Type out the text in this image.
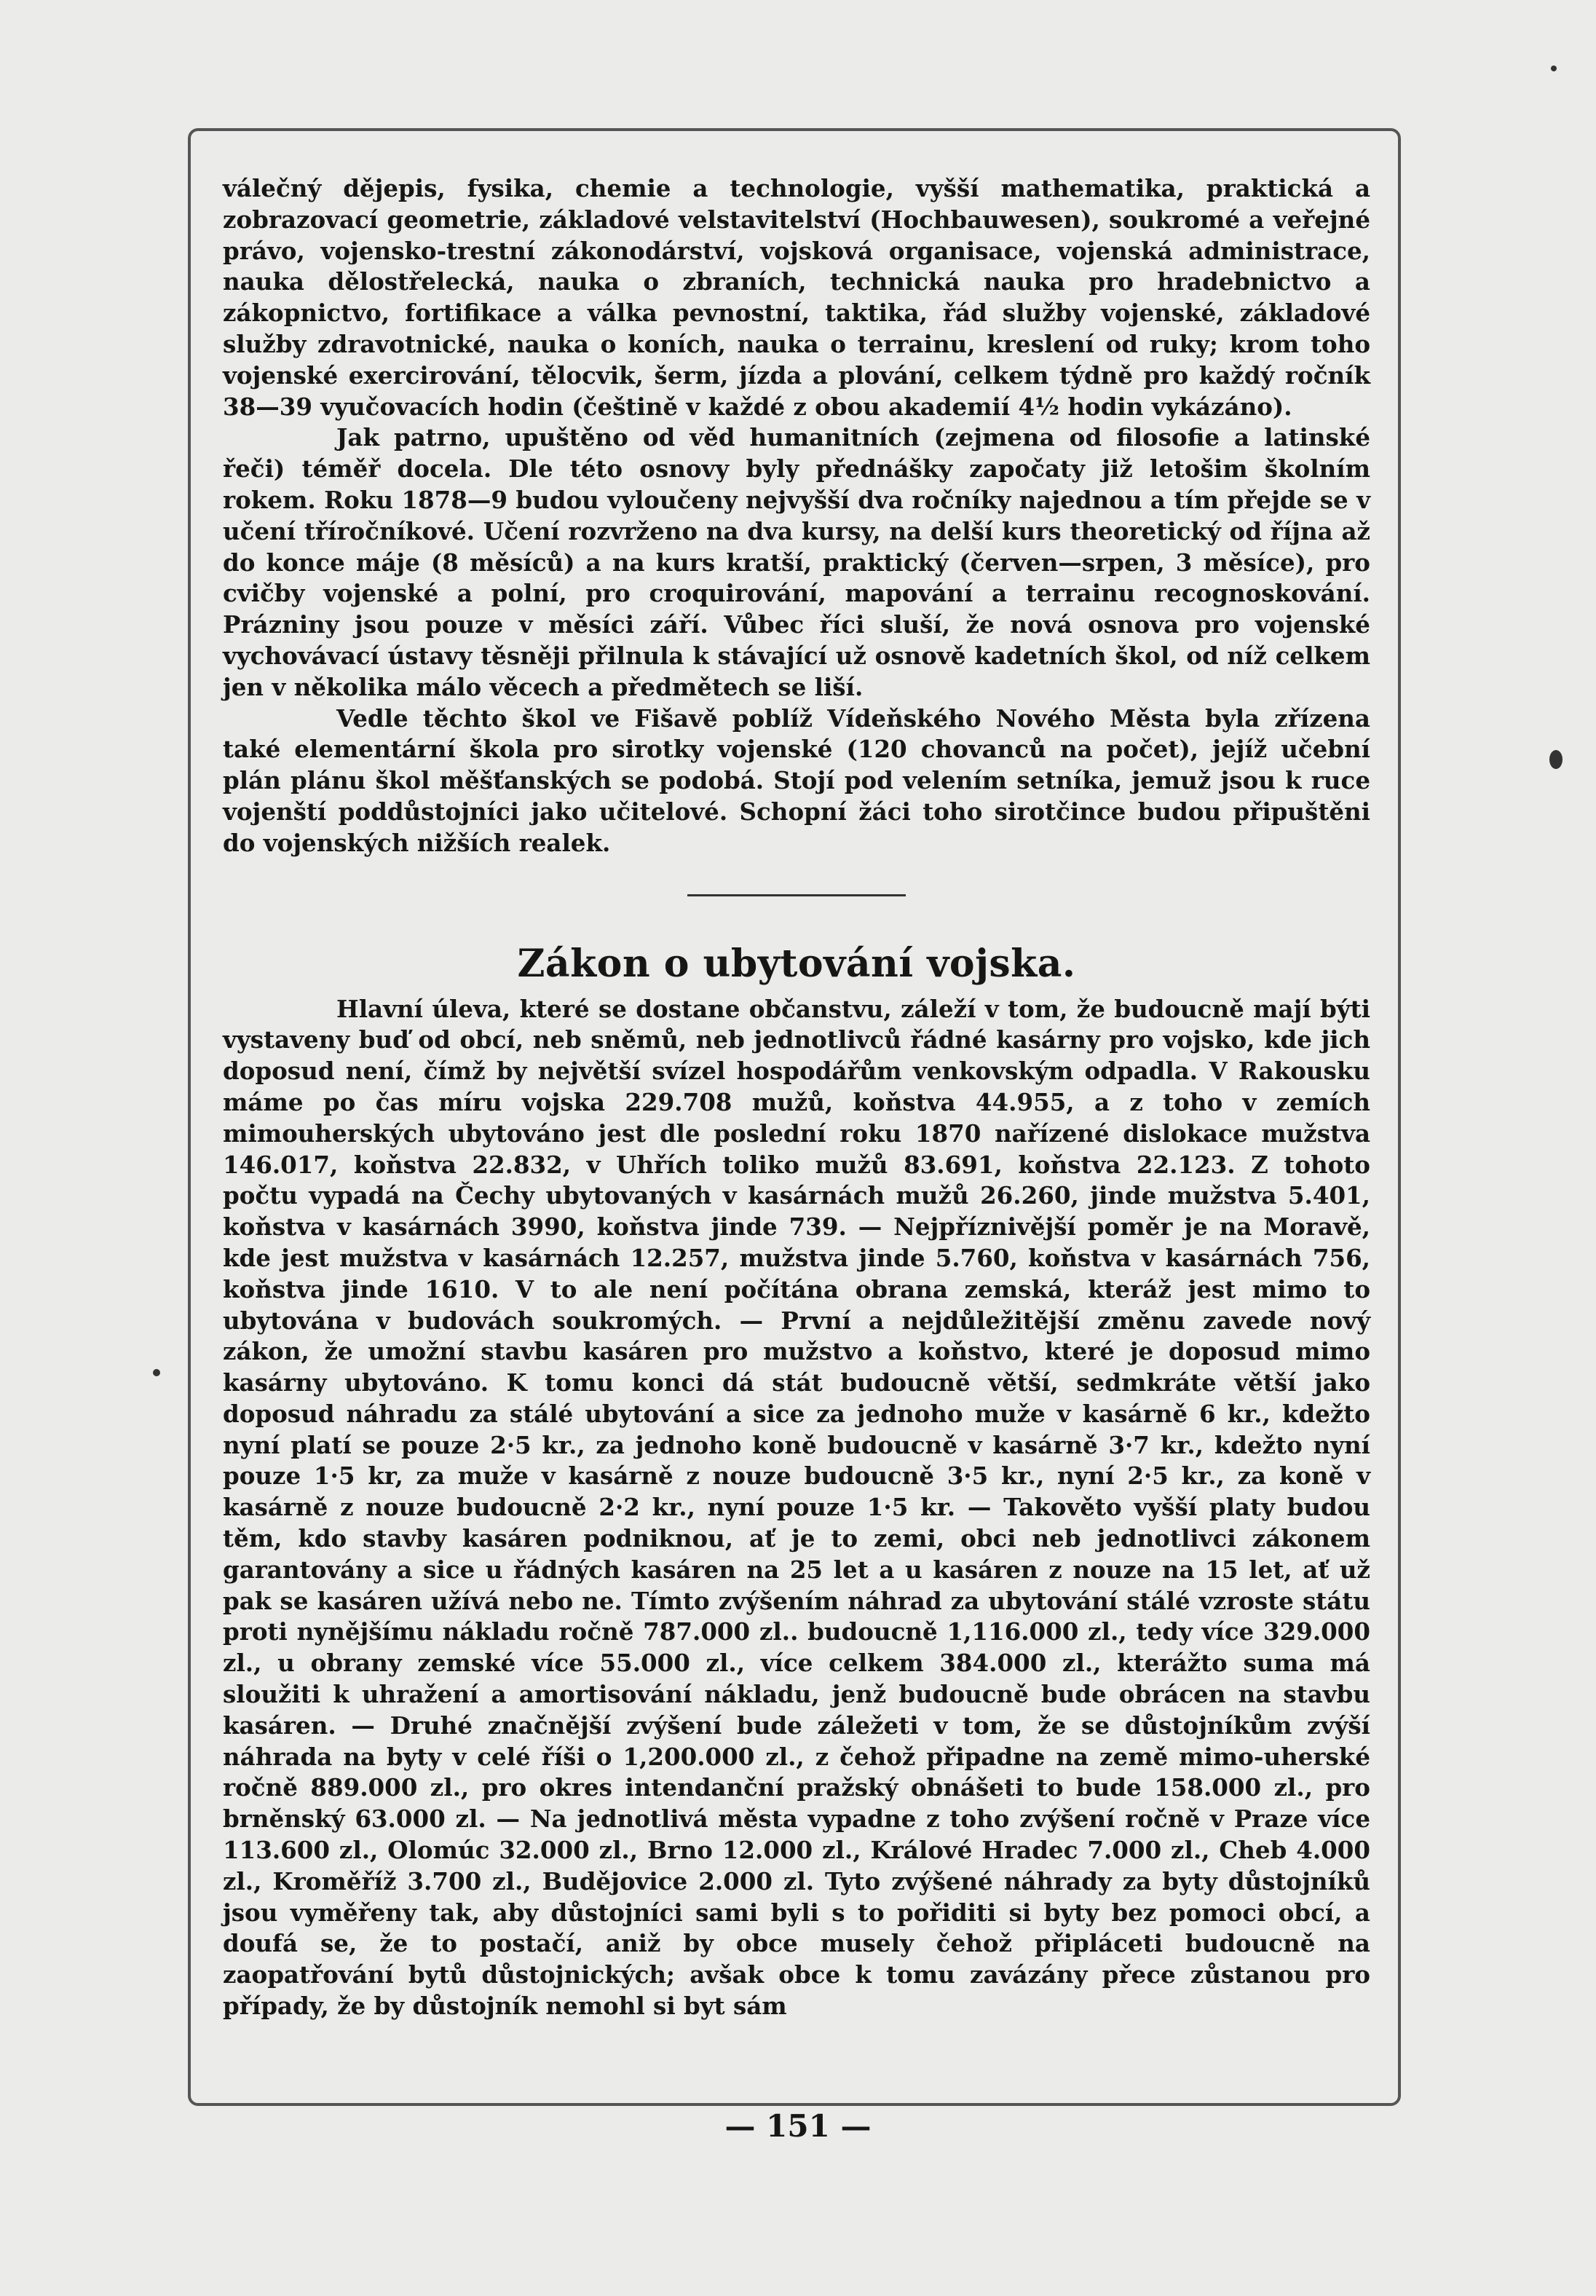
válečný dějepis, fysika, chemie a technologie, vyšší mathematika, praktická a zobrazovací geometrie, základové velstavitelství (Hochbauwesen), soukromé a veřejné právo, vojensko-trestní zákonodárství, vojsková organisace, vojenská administrace, nauka dělostřelecká, nauka o zbraních, technická nauka pro hradebnictvo a zákopnictvo, fortifikace a válka pevnostní, taktika, řád služby vojenské, základové služby zdravotnické, nauka o koních, nauka o terrainu, kreslení od ruky; krom toho vojenské exercirování, tělocvik, šerm, jízda a plování, celkem týdně pro každý ročník 38—39 vyučovacích hodin (češtině v každé z obou akademií 4½ hodin vykázáno).

Jak patrno, upuštěno od věd humanitních (zejmena od filosofie a latinské řeči) téměř docela. Dle této osnovy byly přednášky započaty již letošim školním rokem. Roku 1878—9 budou vyloučeny nejvyšší dva ročníky najednou a tím přejde se v učení tříročníkové. Učení rozvrženo na dva kursy, na delší kurs theoretický od října až do konce máje (8 měsíců) a na kurs kratší, praktický (červen—srpen, 3 měsíce), pro cvičby vojenské a polní, pro croquirování, mapování a terrainu recognoskování. Prázniny jsou pouze v měsíci září. Vůbec říci sluší, že nová osnova pro vojenské vychovávací ústavy těsněji přilnula k stávající už osnově kadetních škol, od níž celkem jen v několika málo věcech a předmětech se liší.

Vedle těchto škol ve Fišavě poblíž Vídeňského Nového Města byla zřízena také elementární škola pro sirotky vojenské (120 chovanců na počet), jejíž učební plán plánu škol měšťanských se podobá. Stojí pod velením setníka, jemuž jsou k ruce vojenští poddůstojníci jako učitelové. Schopní žáci toho sirotčince budou připuštěni do vojenských nižších realek.

Zákon o ubytování vojska.

Hlavní úleva, které se dostane občanstvu, záleží v tom, že budoucně mají býti vystaveny buď od obcí, neb sněmů, neb jednotlivců řádné kasárny pro vojsko, kde jich doposud není, čímž by největší svízel hospodářům venkovským odpadla. V Rakousku máme po čas míru vojska 229.708 mužů, koňstva 44.955, a z toho v zemích mimouherských ubytováno jest dle poslední roku 1870 nařízené dislokace mužstva 146.017, koňstva 22.832, v Uhřích toliko mužů 83.691, koňstva 22.123. Z tohoto počtu vypadá na Čechy ubytovaných v kasárnách mužů 26.260, jinde mužstva 5.401, koňstva v kasárnách 3990, koňstva jinde 739. — Nejpříznivější poměr je na Moravě, kde jest mužstva v kasárnách 12.257, mužstva jinde 5.760, koňstva v kasárnách 756, koňstva jinde 1610. V to ale není počítána obrana zemská, kteráž jest mimo to ubytována v budovách soukromých. — První a nejdůležitější změnu zavede nový zákon, že umožní stavbu kasáren pro mužstvo a koňstvo, které je doposud mimo kasárny ubytováno. K tomu konci dá stát budoucně větší, sedmkráte větší jako doposud náhradu za stálé ubytování a sice za jednoho muže v kasárně 6 kr., kdežto nyní platí se pouze 2·5 kr., za jednoho koně budoucně v kasárně 3·7 kr., kdežto nyní pouze 1·5 kr, za muže v kasárně z nouze budoucně 3·5 kr., nyní 2·5 kr., za koně v kasárně z nouze budoucně 2·2 kr., nyní pouze 1·5 kr. — Takověto vyšší platy budou těm, kdo stavby kasáren podniknou, ať je to zemi, obci neb jednotlivci zákonem garantovány a sice u řádných kasáren na 25 let a u kasáren z nouze na 15 let, ať už pak se kasáren užívá nebo ne. Tímto zvýšením náhrad za ubytování stálé vzroste státu proti nynějšímu nákladu ročně 787.000 zl.. budoucně 1,116.000 zl., tedy více 329.000 zl., u obrany zemské více 55.000 zl., více celkem 384.000 zl., kterážto suma má sloužiti k uhražení a amortisování nákladu, jenž budoucně bude obrácen na stavbu kasáren. — Druhé značnější zvýšení bude záležeti v tom, že se důstojníkům zvýší náhrada na byty v celé říši o 1,200.000 zl., z čehož připadne na země mimo-uherské ročně 889.000 zl., pro okres intendanční pražský obnášeti to bude 158.000 zl., pro brněnský 63.000 zl. — Na jednotlivá města vypadne z toho zvýšení ročně v Praze více 113.600 zl., Olomúc 32.000 zl., Brno 12.000 zl., Králové Hradec 7.000 zl., Cheb 4.000 zl., Kroměříž 3.700 zl., Budějovice 2.000 zl. Tyto zvýšené náhrady za byty důstojníků jsou vyměřeny tak, aby důstojníci sami byli s to pořiditi si byty bez pomoci obcí, a doufá se, že to postačí, aniž by obce musely čehož připláceti budoucně na zaopatřování bytů důstojnických; avšak obce k tomu zavázány přece zůstanou pro případy, že by důstojník nemohl si byt sám

— 151 —
